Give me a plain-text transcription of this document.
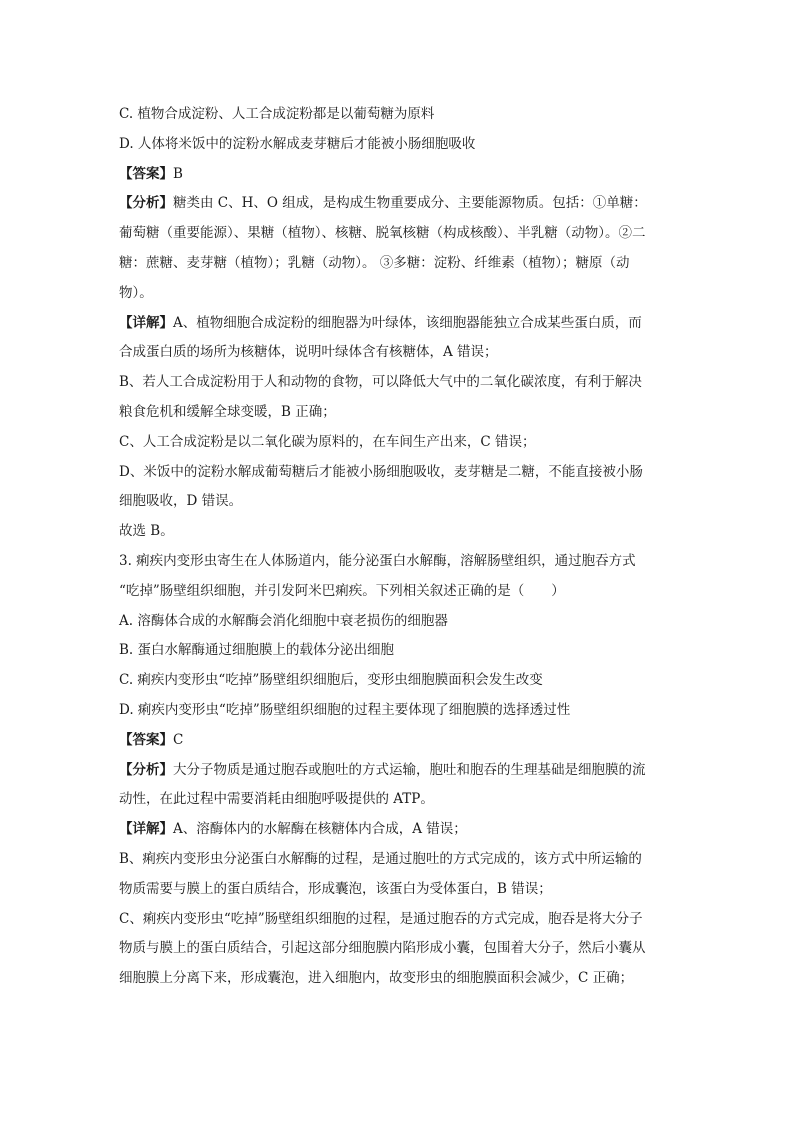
C. 植物合成淀粉、人工合成淀粉都是以葡萄糖为原料
D. 人体将米饭中的淀粉水解成麦芽糖后才能被小肠细胞吸收
【答案】B
【分析】糖类由 C、H、O 组成，是构成生物重要成分、主要能源物质。包括：①单糖：
葡萄糖（重要能源）、果糖（植物）、核糖、脱氧核糖（构成核酸）、半乳糖（动物）。②二
糖：蔗糖、麦芽糖（植物）；乳糖（动物）。 ③多糖：淀粉、纤维素（植物）；糖原（动
物）。
【详解】A、植物细胞合成淀粉的细胞器为叶绿体，该细胞器能独立合成某些蛋白质，而
合成蛋白质的场所为核糖体，说明叶绿体含有核糖体，A 错误；
B、若人工合成淀粉用于人和动物的食物，可以降低大气中的二氧化碳浓度，有利于解决
粮食危机和缓解全球变暖，B 正确；
C、人工合成淀粉是以二氧化碳为原料的，在车间生产出来，C 错误；
D、米饭中的淀粉水解成葡萄糖后才能被小肠细胞吸收，麦芽糖是二糖，不能直接被小肠
细胞吸收，D 错误。
故选 B。
3. 痢疾内变形虫寄生在人体肠道内，能分泌蛋白水解酶，溶解肠壁组织，通过胞吞方式
“吃掉”肠壁组织细胞，并引发阿米巴痢疾。下列相关叙述正确的是（　　）
A. 溶酶体合成的水解酶会消化细胞中衰老损伤的细胞器
B. 蛋白水解酶通过细胞膜上的载体分泌出细胞
C. 痢疾内变形虫“吃掉”肠壁组织细胞后，变形虫细胞膜面积会发生改变
D. 痢疾内变形虫“吃掉”肠壁组织细胞的过程主要体现了细胞膜的选择透过性
【答案】C
【分析】大分子物质是通过胞吞或胞吐的方式运输，胞吐和胞吞的生理基础是细胞膜的流
动性，在此过程中需要消耗由细胞呼吸提供的 ATP。
【详解】A、溶酶体内的水解酶在核糖体内合成，A 错误；
B、痢疾内变形虫分泌蛋白水解酶的过程，是通过胞吐的方式完成的，该方式中所运输的
物质需要与膜上的蛋白质结合，形成囊泡，该蛋白为受体蛋白，B 错误；
C、痢疾内变形虫“吃掉”肠壁组织细胞的过程，是通过胞吞的方式完成，胞吞是将大分子
物质与膜上的蛋白质结合，引起这部分细胞膜内陷形成小囊，包围着大分子，然后小囊从
细胞膜上分离下来，形成囊泡，进入细胞内，故变形虫的细胞膜面积会减少，C 正确；
